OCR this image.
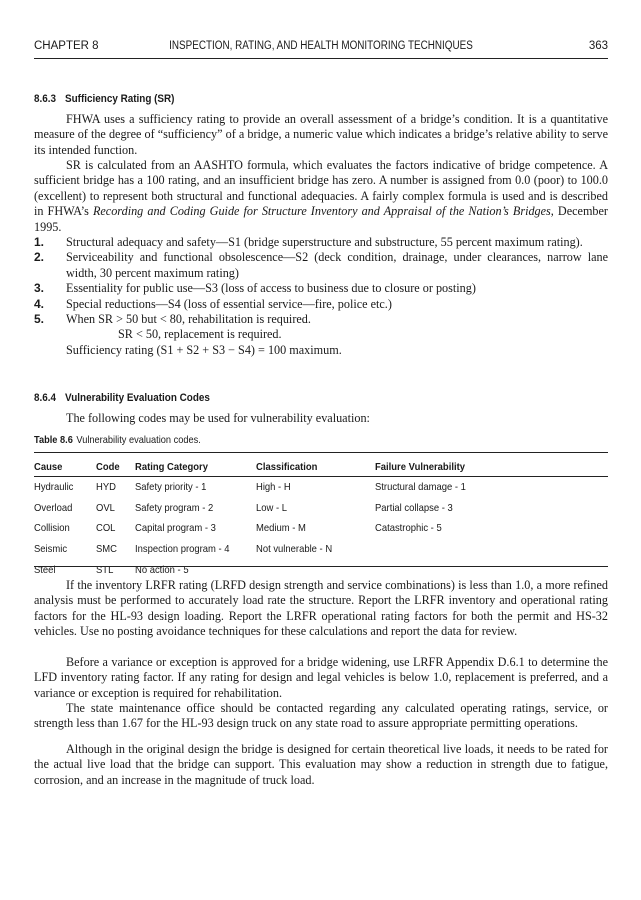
CHAPTER 8	INSPECTION, RATING, AND HEALTH MONITORING TECHNIQUES	363
8.6.3 Sufficiency Rating (SR)
FHWA uses a sufficiency rating to provide an overall assessment of a bridge’s condition. It is a quantitative measure of the degree of “sufficiency” of a bridge, a numeric value which indicates a bridge’s relative ability to serve its intended function.
SR is calculated from an AASHTO formula, which evaluates the factors indicative of bridge competence. A sufficient bridge has a 100 rating, and an insufficient bridge has zero. A number is assigned from 0.0 (poor) to 100.0 (excellent) to represent both structural and functional adequacies. A fairly complex formula is used and is described in FHWA’s Recording and Coding Guide for Structure Inventory and Appraisal of the Nation’s Bridges, December 1995.
1. Structural adequacy and safety—S1 (bridge superstructure and substructure, 55 percent maximum rating).
2. Serviceability and functional obsolescence—S2 (deck condition, drainage, under clearances, narrow lane width, 30 percent maximum rating)
3. Essentiality for public use—S3 (loss of access to business due to closure or posting)
4. Special reductions—S4 (loss of essential service—fire, police etc.)
5. When SR > 50 but < 80, rehabilitation is required.
SR < 50, replacement is required.
Sufficiency rating (S1 + S2 + S3 − S4) = 100 maximum.
8.6.4 Vulnerability Evaluation Codes
The following codes may be used for vulnerability evaluation:
Table 8.6 Vulnerability evaluation codes.
Cause	Code	Rating Category	Classification	Failure Vulnerability
Hydraulic	HYD	Safety priority - 1	High - H	Structural damage - 1
Overload	OVL	Safety program - 2	Low - L	Partial collapse - 3
Collision	COL	Capital program - 3	Medium - M	Catastrophic - 5
Seismic	SMC	Inspection program - 4	Not vulnerable - N	
Steel	STL	No action - 5		
If the inventory LRFR rating (LRFD design strength and service combinations) is less than 1.0, a more refined analysis must be performed to accurately load rate the structure. Report the LRFR inventory and operational rating factors for the HL-93 design loading. Report the LRFR operational rating factors for both the permit and HS-32 vehicles. Use no posting avoidance techniques for these calculations and report the data for review.
Before a variance or exception is approved for a bridge widening, use LRFR Appendix D.6.1 to determine the LFD inventory rating factor. If any rating for design and legal vehicles is below 1.0, replacement is preferred, and a variance or exception is required for rehabilitation.
The state maintenance office should be contacted regarding any calculated operating ratings, service, or strength less than 1.67 for the HL-93 design truck on any state road to assure appropriate permitting operations.
Although in the original design the bridge is designed for certain theoretical live loads, it needs to be rated for the actual live load that the bridge can support. This evaluation may show a reduction in strength due to fatigue, corrosion, and an increase in the magnitude of truck load.
